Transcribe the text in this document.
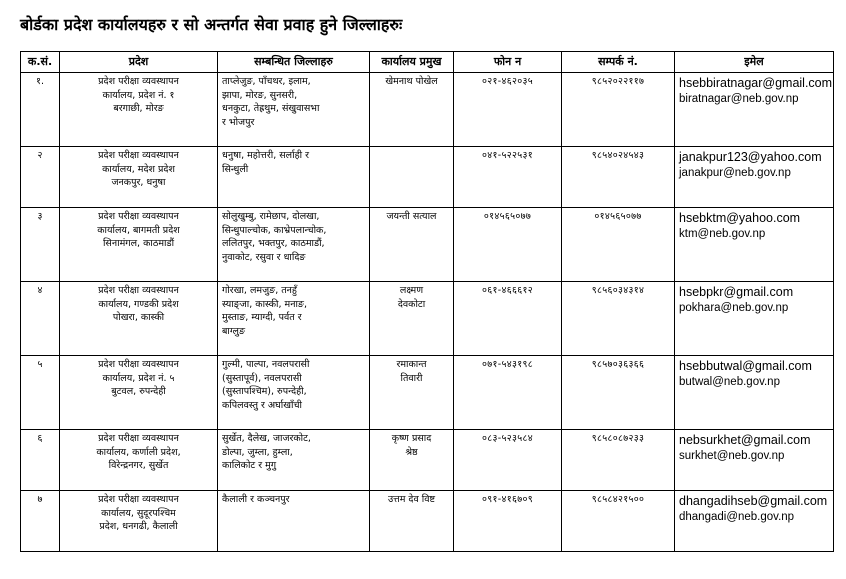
बोर्डका प्रदेश कार्यालयहरु र सो अन्तर्गत सेवा प्रवाह हुने जिल्लाहरुः
क.सं.	प्रदेश	सम्बन्धित जिल्लाहरु	कार्यालय प्रमुख	फोन न	सम्पर्क नं.	इमेल
१.	प्रदेश परीक्षा व्यवस्थापन
कार्यालय, प्रदेश नं. १
बरगाछी, मोरङ	ताप्लेजुङ, पाँचथर, इलाम,
झापा, मोरङ, सुनसरी,
धनकुटा, तेह्रथुम, संखुवासभा
र भोजपुर	खेमनाथ पोखेल	०२१-४६२०३५	९८५२०२२११७	hsebbiratnagar@gmail.com
biratnagar@neb.gov.np

२	प्रदेश परीक्षा व्यवस्थापन
कार्यालय, मदेश प्रदेश
जनकपुर, धनुषा	धनुषा, महोत्तरी, सर्लाही र
सिन्धुली		०४१-५२२५३१	९८५४०२४५४३	janakpur123@yahoo.com
janakpur@neb.gov.np

३	प्रदेश परीक्षा व्यवस्थापन
कार्यालय, बागमती प्रदेश
सिनामंगल, काठमाडौं	सोलुखुम्बु, रामेछाप, दोलखा,
सिन्धुपाल्चोक, काभ्रेपलान्चोक,
ललितपुर, भक्तपुर, काठमाडौं,
नुवाकोट, रसुवा र धादिङ	जयन्ती सत्याल	०१४५६५०७७	०१४५६५०७७	hsebktm@yahoo.com
ktm@neb.gov.np

४	प्रदेश परीक्षा व्यवस्थापन
कार्यालय, गण्डकी प्रदेश
पोखरा, कास्की	गोरखा, लमजुङ, तनहुँ
स्याङ्जा, कास्की, मनाङ,
मुस्ताङ, म्याग्दी, पर्वत र
बाग्लुङ	लक्ष्मण
देवकोटा	०६१-४६६६१२	९८५६०३४३१४	hsebpkr@gmail.com
pokhara@neb.gov.np

५	प्रदेश परीक्षा व्यवस्थापन
कार्यालय, प्रदेश नं. ५
बुटवल, रुपन्देही	गुल्मी, पाल्पा, नवलपरासी
(सुस्तापूर्व), नवलपरासी
(सुस्तापश्चिम), रुपन्देही,
कपिलवस्तु र अर्घाखाँची	रमाकान्त
तिवारी	०७१-५४३१९८	९८५७०३६३६६	hsebbutwal@gmail.com
butwal@neb.gov.np

६	प्रदेश परीक्षा व्यवस्थापन
कार्यालय, कर्णाली प्रदेश,
विरेन्द्रनगर, सुर्खेत	सुर्खेत, दैलेख, जाजरकोट,
डोल्पा, जुम्ला, हुम्ला,
कालिकोट र मुगु	कृष्ण प्रसाद
श्रेष्ठ	०८३-५२३५८४	९८५८०८७२३३	nebsurkhet@gmail.com
surkhet@neb.gov.np

७	प्रदेश परीक्षा व्यवस्थापन
कार्यालय, सुदूरपश्चिम
प्रदेश, धनगढी, कैलाली	कैलाली र कञ्चनपुर	उत्तम देव विष्ट	०९१-४१६७०९	९८५८४२१५००	dhangadihseb@gmail.com
dhangadi@neb.gov.np
